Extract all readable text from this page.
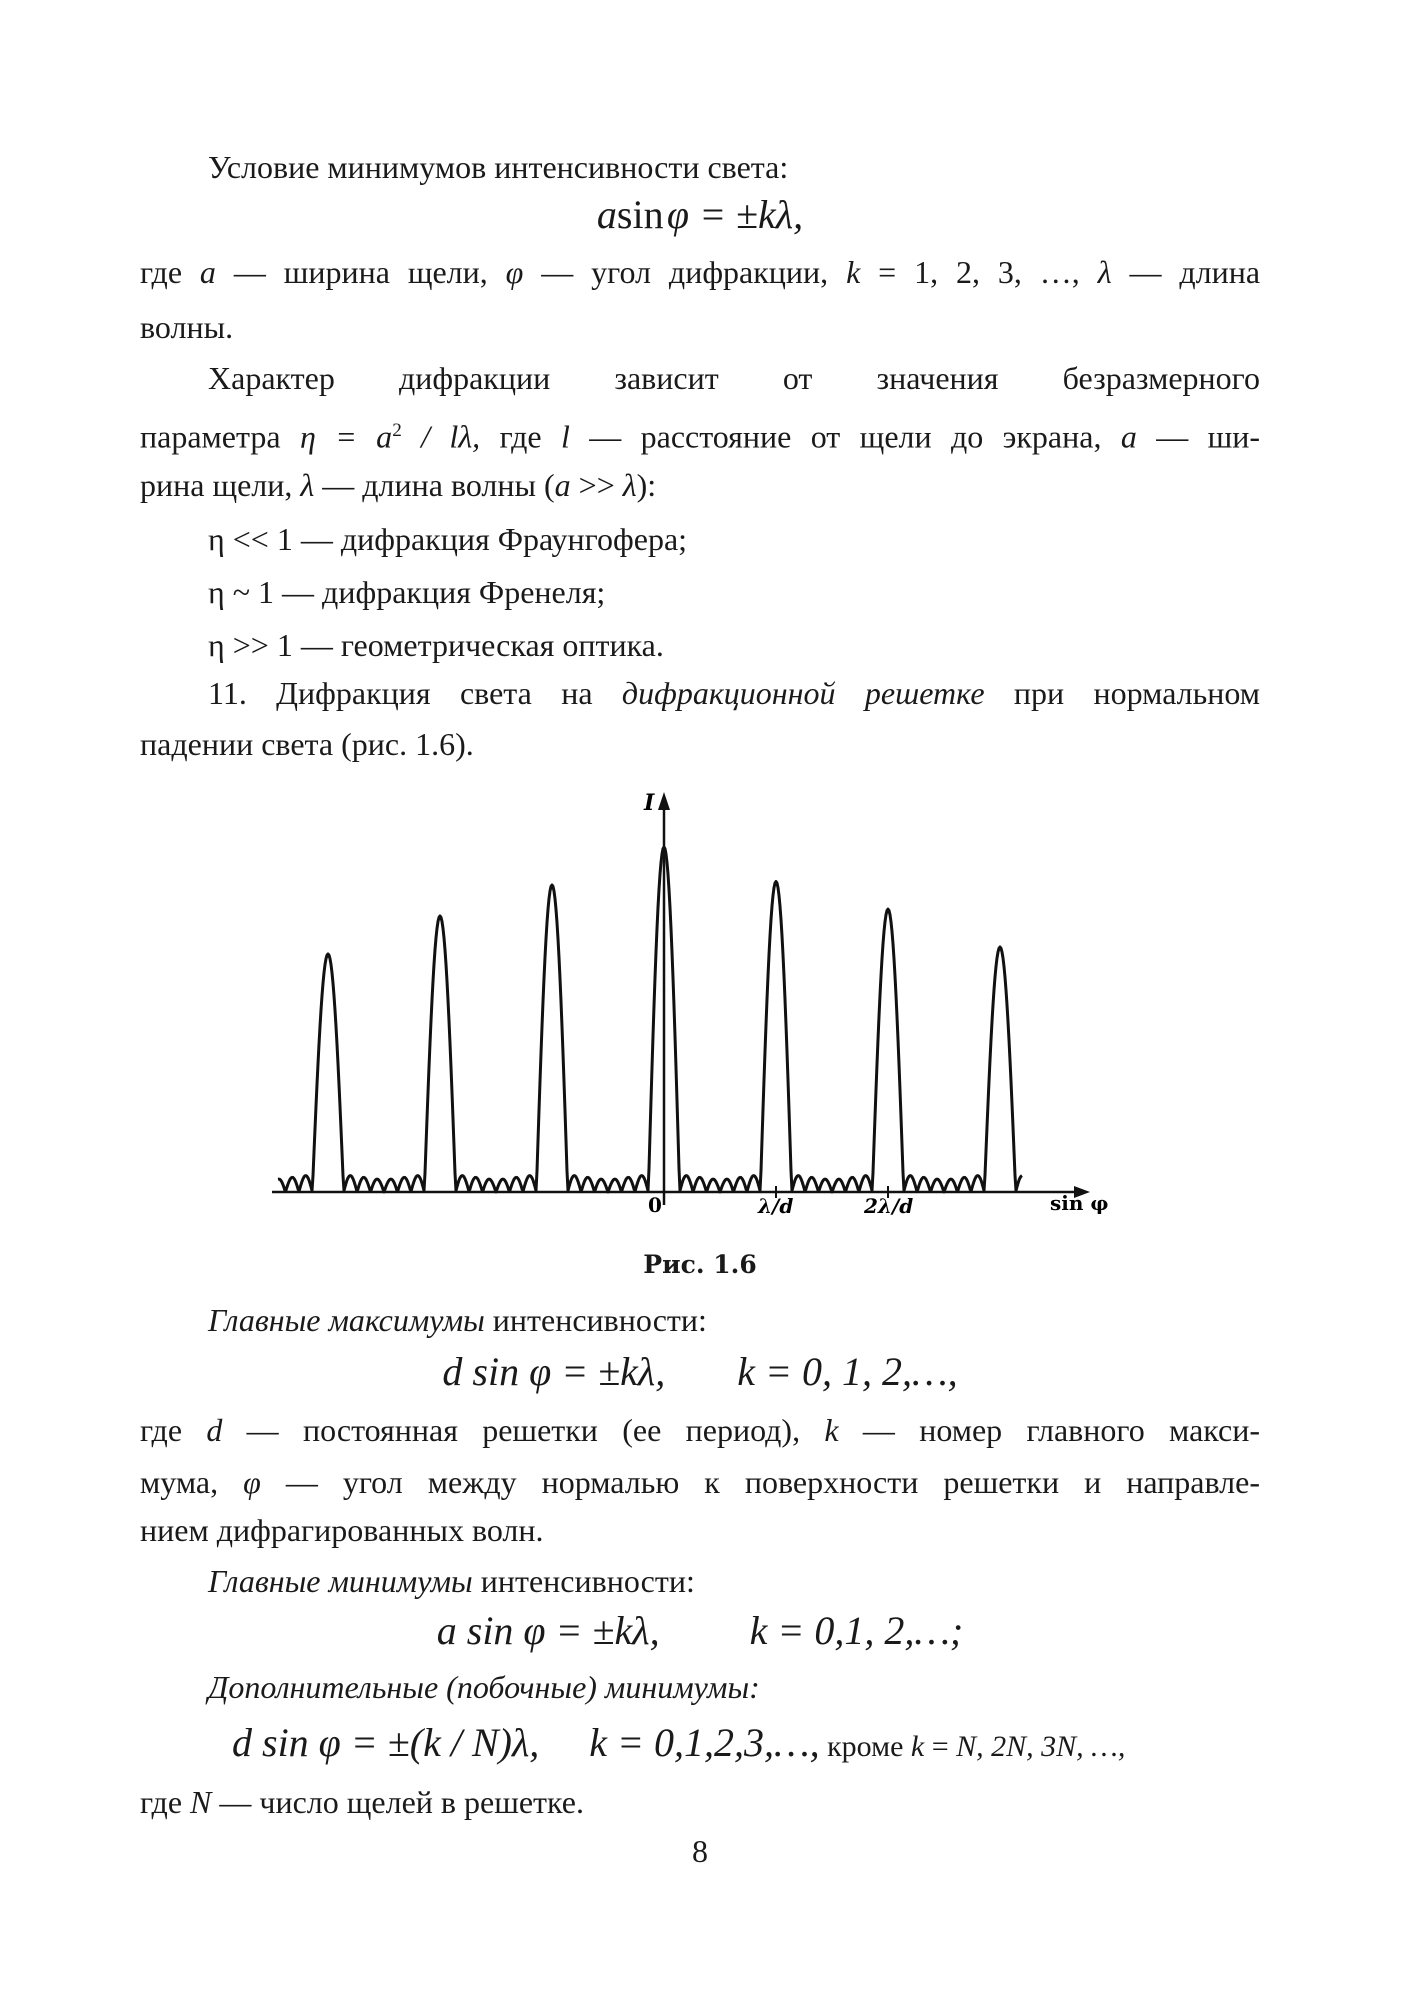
Условие минимумов интенсивности света:
asin φ = ±kλ,
где a — ширина щели, φ — угол дифракции, k = 1, 2, 3, …, λ — длина
волны.
Характер дифракции зависит от значения безразмерного
параметра $\eta = a^2 / l\lambda$, где l — расстояние от щели до экрана, a — ши-
рина щели, λ — длина волны (a >> λ):
η << 1 — дифракция Фраунгофера;
η ~ 1 — дифракция Френеля;
η >> 1 — геометрическая оптика.
11. Дифракция света на дифракционной решетке при нормальном
падении света (рис. 1.6).
I
0	λ/d	2λ/d	sin φ
Рис. 1.6
Главные максимумы интенсивности:
d sin φ = ±kλ, k = 0, 1, 2,…,
где d — постоянная решетки (ее период), k — номер главного макси-
мума, φ — угол между нормалью к поверхности решетки и направле-
нием дифрагированных волн.
Главные минимумы интенсивности:
a sin φ = ±kλ, k = 0,1, 2,…;
Дополнительные (побочные) минимумы:
d sin φ = ±(k / N)λ, k = 0,1,2,3,…, кроме k = N, 2N, 3N, …,
где N — число щелей в решетке.
8
